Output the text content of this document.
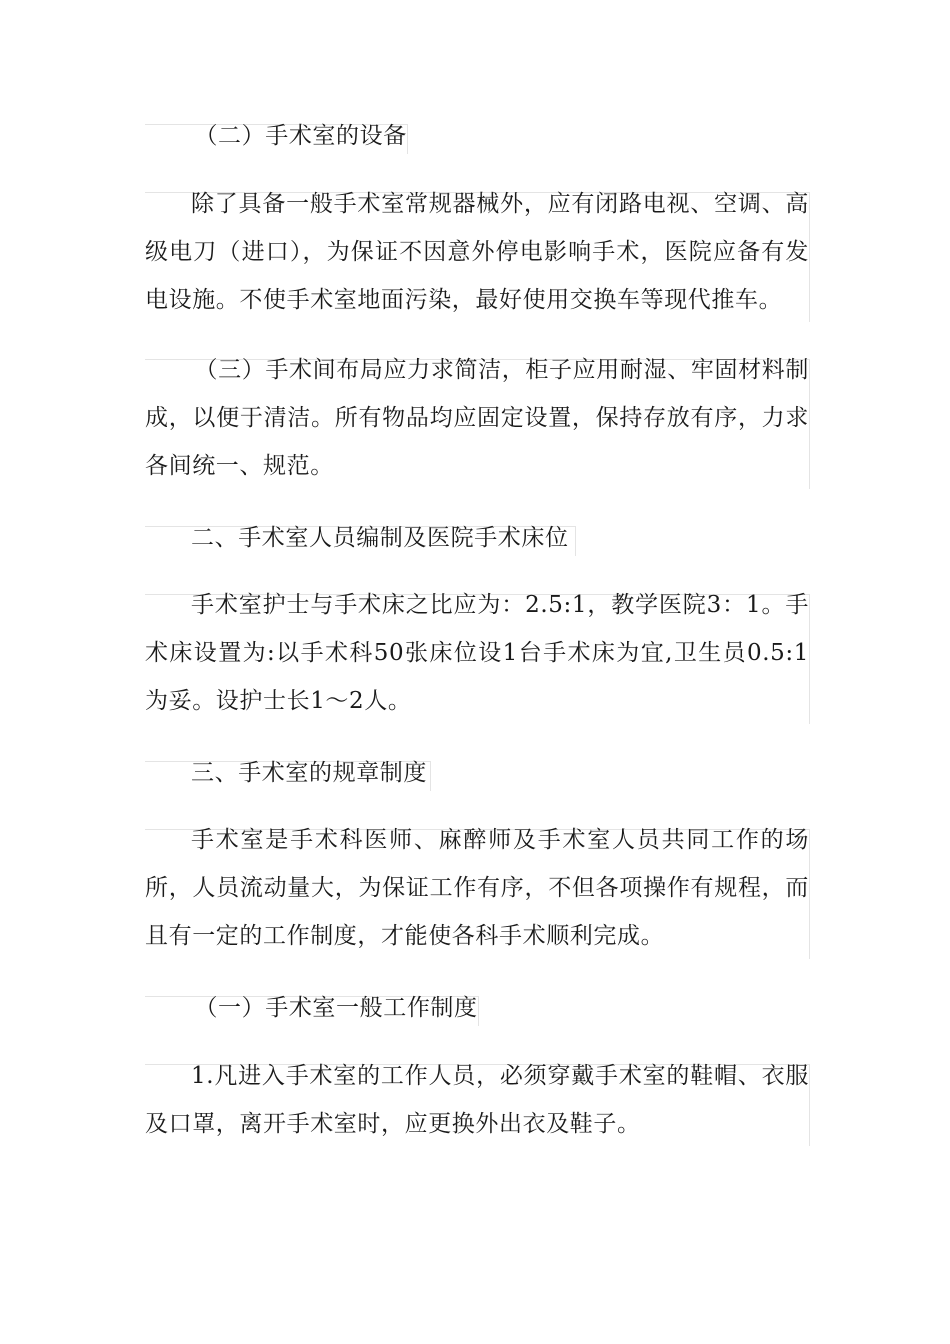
（二）手术室的设备

除了具备一般手术室常规器械外，应有闭路电视、空调、高级电刀（进口），为保证不因意外停电影响手术，医院应备有发电设施。不使手术室地面污染，最好使用交换车等现代推车。

（三）手术间布局应力求简洁，柜子应用耐湿、牢固材料制成，以便于清洁。所有物品均应固定设置，保持存放有序，力求各间统一、规范。

二、手术室人员编制及医院手术床位

手术室护士与手术床之比应为：2.5:1，教学医院3：1。手术床设置为:以手术科50张床位设1台手术床为宜,卫生员0.5:1为妥。设护士长1～2人。

三、手术室的规章制度

手术室是手术科医师、麻醉师及手术室人员共同工作的场所，人员流动量大，为保证工作有序，不但各项操作有规程，而且有一定的工作制度，才能使各科手术顺利完成。

（一）手术室一般工作制度

1.凡进入手术室的工作人员，必须穿戴手术室的鞋帽、衣服及口罩，离开手术室时，应更换外出衣及鞋子。
